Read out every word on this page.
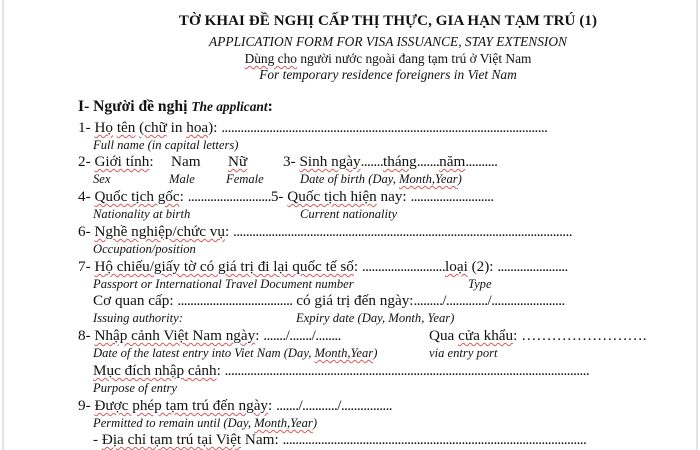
TỜ KHAI ĐỀ NGHỊ CẤP THỊ THỰC, GIA HẠN TẠM TRÚ (1)
APPLICATION FORM FOR VISA ISSUANCE, STAY EXTENSION
Dùng cho người nước ngoài đang tạm trú ở Việt Nam
For temporary residence foreigners in Viet Nam
I- Người đề nghị The applicant:
1- Họ tên (chữ in hoa): ......................................................................................................
Full name (in capital letters)
2- Giới tính: Nam Nữ 3- Sinh ngày.......tháng.......năm..........
Sex	Male Female	Date of birth (Day, Month,Year)
4- Quốc tịch gốc: ..........................5- Quốc tịch hiện nay: ..........................
Nationality at birth	Current nationality
6- Nghề nghiệp/chức vụ: ..........................................................................................................
Occupation/position
7- Hộ chiếu/giấy tờ có giá trị đi lại quốc tế số: ..........................loại (2): ......................
Passport or International Travel Document number	Type
Cơ quan cấp: .................................... có giá trị đến ngày:........./............./.......................
Issuing authority:	Expiry date (Day, Month, Year)
8- Nhập cảnh Việt Nam ngày: ......./......./........	Qua cửa khẩu: …………………….
Date of the latest entry into Viet Nam (Day, Month,Year)	via entry port
Mục đích nhập cảnh: ..................................................................................................................
Purpose of entry
9- Được phép tạm trú đến ngày: ......./.........../................
Permitted to remain until (Day, Month,Year)
- Địa chỉ tạm trú tại Việt Nam: ...............................................................................................
